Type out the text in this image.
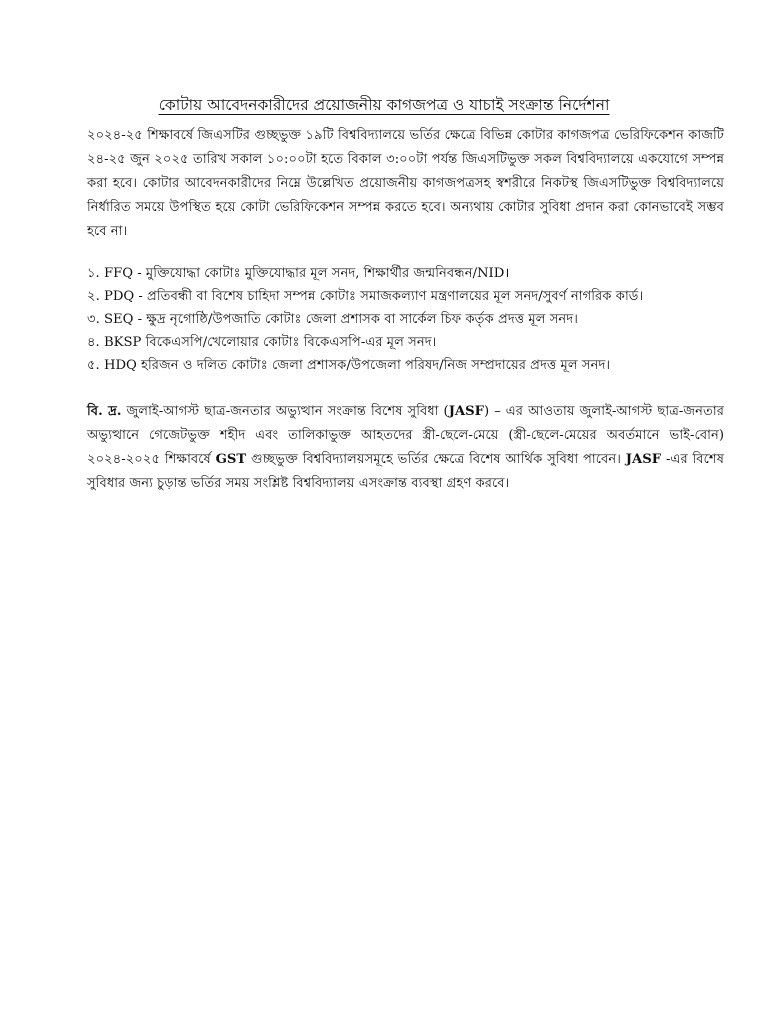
কোটায় আবেদনকারীদের প্রয়োজনীয় কাগজপত্র ও যাচাই সংক্রান্ত নির্দেশনা

২০২৪-২৫ শিক্ষাবর্ষে জিএসটির গুচ্ছভুক্ত ১৯টি বিশ্ববিদ্যালয়ে ভর্তির ক্ষেত্রে বিভিন্ন কোটার কাগজপত্র ভেরিফিকেশন কাজটি ২৪-২৫ জুন ২০২৫ তারিখ সকাল ১০:০০টা হতে বিকাল ৩:০০টা পর্যন্ত জিএসটিভুক্ত সকল বিশ্ববিদ্যালয়ে একযোগে সম্পন্ন করা হবে। কোটার আবেদনকারীদের নিম্নে উল্লেখিত প্রয়োজনীয় কাগজপত্রসহ স্বশরীরে নিকটস্থ জিএসটিভুক্ত বিশ্ববিদ্যালয়ে নির্ধারিত সময়ে উপস্থিত হয়ে কোটা ভেরিফিকেশন সম্পন্ন করতে হবে। অন্যথায় কোটার সুবিধা প্রদান করা কোনভাবেই সম্ভব হবে না।

১. FFQ - মুক্তিযোদ্ধা কোটাঃ মুক্তিযোদ্ধার মূল সনদ, শিক্ষার্থীর জন্মনিবন্ধন/NID।
২. PDQ - প্রতিবন্ধী বা বিশেষ চাহিদা সম্পন্ন কোটাঃ সমাজকল্যাণ মন্ত্রণালয়ের মূল সনদ/সুবর্ণ নাগরিক কার্ড।
৩. SEQ - ক্ষুদ্র নৃগোষ্ঠি/উপজাতি কোটাঃ জেলা প্রশাসক বা সার্কেল চিফ কর্তৃক প্রদত্ত মূল সনদ।
৪. BKSP বিকেএসপি/খেলোয়ার কোটাঃ বিকেএসপি-এর মূল সনদ।
৫. HDQ হরিজন ও দলিত কোটাঃ জেলা প্রশাসক/উপজেলা পরিষদ/নিজ সম্প্রদায়ের প্রদত্ত মূল সনদ।

বি. দ্র. জুলাই-আগস্ট ছাত্র-জনতার অভ্যুত্থান সংক্রান্ত বিশেষ সুবিধা (JASF) – এর আওতায় জুলাই-আগস্ট ছাত্র-জনতার অভ্যুত্থানে গেজেটভুক্ত শহীদ এবং তালিকাভুক্ত আহতদের স্ত্রী-ছেলে-মেয়ে (স্ত্রী-ছেলে-মেয়ের অবর্তমানে ভাই-বোন) ২০২৪-২০২৫ শিক্ষাবর্ষে GST গুচ্ছভুক্ত বিশ্ববিদ্যালয়সমূহে ভর্তির ক্ষেত্রে বিশেষ আর্থিক সুবিধা পাবেন। JASF -এর বিশেষ সুবিধার জন্য চুড়ান্ত ভর্তির সময় সংশ্লিষ্ট বিশ্ববিদ্যালয় এসংক্রান্ত ব্যবস্থা গ্রহণ করবে।
